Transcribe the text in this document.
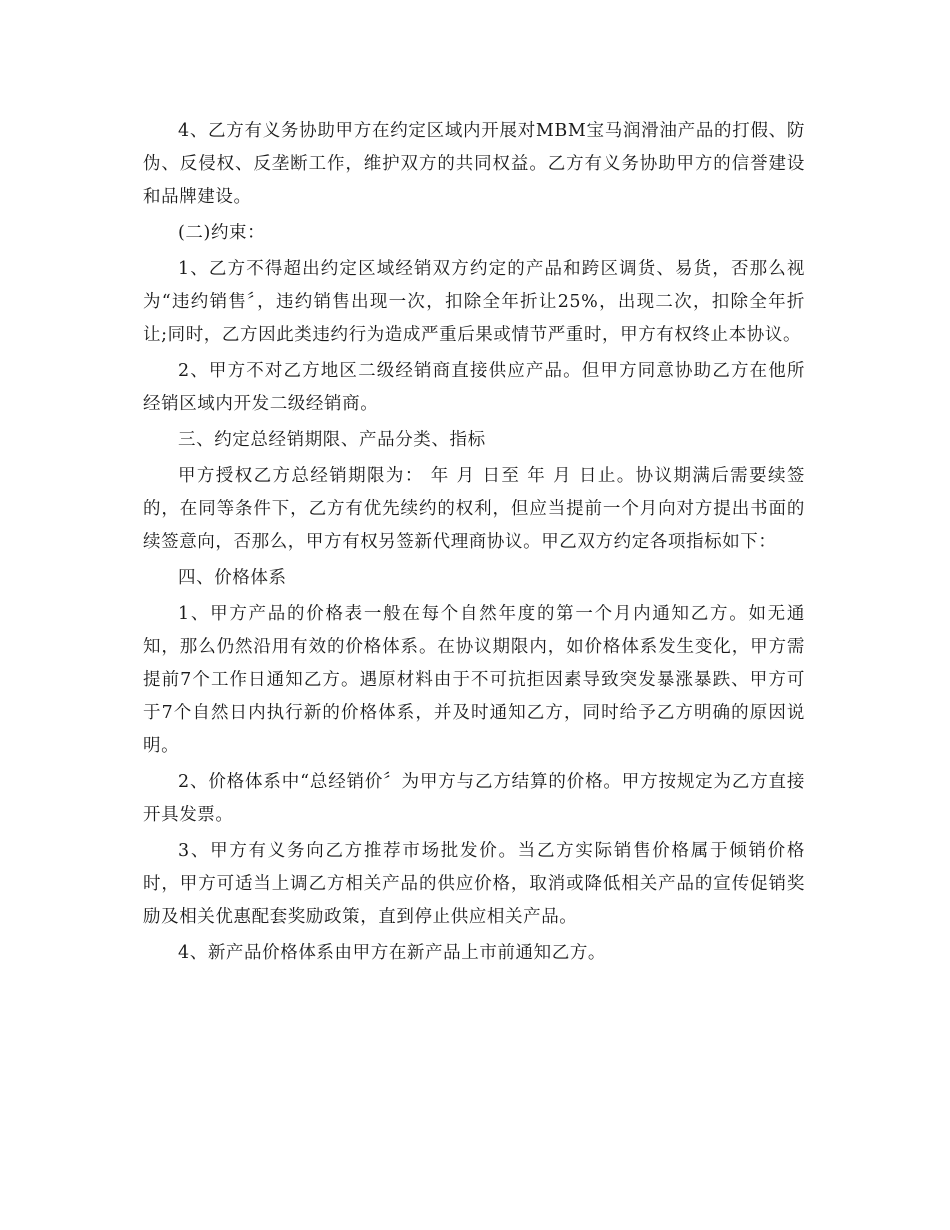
4、乙方有义务协助甲方在约定区域内开展对MBM宝马润滑油产品的打假、防伪、反侵权、反垄断工作，维护双方的共同权益。乙方有义务协助甲方的信誉建设和品牌建设。

(二)约束：

1、乙方不得超出约定区域经销双方约定的产品和跨区调货、易货，否那么视为“违约销售〞，违约销售出现一次，扣除全年折让25%，出现二次，扣除全年折让;同时，乙方因此类违约行为造成严重后果或情节严重时，甲方有权终止本协议。

2、甲方不对乙方地区二级经销商直接供应产品。但甲方同意协助乙方在他所经销区域内开发二级经销商。

三、约定总经销期限、产品分类、指标

甲方授权乙方总经销期限为： 年 月 日至 年 月 日止。协议期满后需要续签的，在同等条件下，乙方有优先续约的权利，但应当提前一个月向对方提出书面的续签意向，否那么，甲方有权另签新代理商协议。甲乙双方约定各项指标如下：

四、价格体系

1、甲方产品的价格表一般在每个自然年度的第一个月内通知乙方。如无通知，那么仍然沿用有效的价格体系。在协议期限内，如价格体系发生变化，甲方需提前7个工作日通知乙方。遇原材料由于不可抗拒因素导致突发暴涨暴跌、甲方可于7个自然日内执行新的价格体系，并及时通知乙方，同时给予乙方明确的原因说明。

2、价格体系中“总经销价〞为甲方与乙方结算的价格。甲方按规定为乙方直接开具发票。

3、甲方有义务向乙方推荐市场批发价。当乙方实际销售价格属于倾销价格时，甲方可适当上调乙方相关产品的供应价格，取消或降低相关产品的宣传促销奖励及相关优惠配套奖励政策，直到停止供应相关产品。

4、新产品价格体系由甲方在新产品上市前通知乙方。
